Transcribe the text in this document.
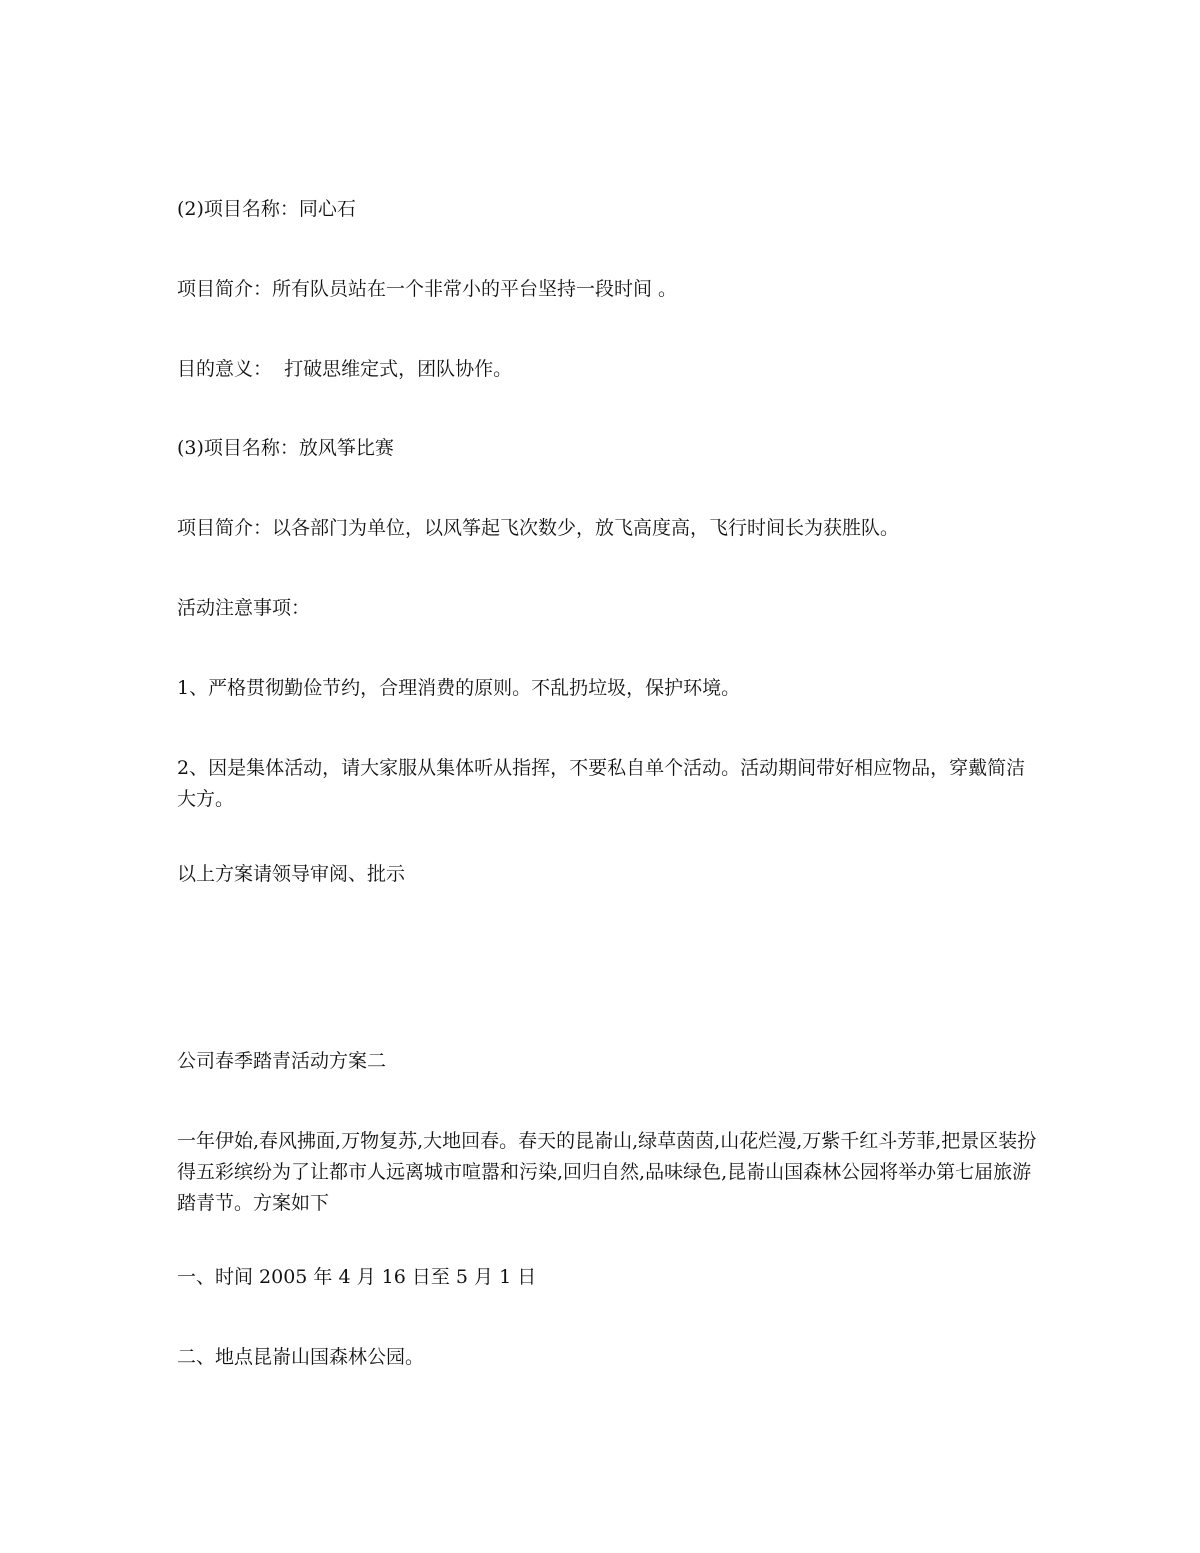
(2)项目名称：同心石

项目简介：所有队员站在一个非常小的平台坚持一段时间 。

目的意义：  打破思维定式，团队协作。

(3)项目名称：放风筝比赛

项目简介：以各部门为单位，以风筝起飞次数少，放飞高度高，飞行时间长为获胜队。

活动注意事项：

1、严格贯彻勤俭节约，合理消费的原则。不乱扔垃圾，保护环境。

2、因是集体活动，请大家服从集体听从指挥，不要私自单个活动。活动期间带好相应物品，穿戴简洁大方。

以上方案请领导审阅、批示

公司春季踏青活动方案二

一年伊始,春风拂面,万物复苏,大地回春。春天的昆嵛山,绿草茵茵,山花烂漫,万紫千红斗芳菲,把景区装扮得五彩缤纷为了让都市人远离城市喧嚣和污染,回归自然,品味绿色,昆嵛山国森林公园将举办第七届旅游踏青节。方案如下

一、时间 2005 年 4 月 16 日至 5 月 1 日

二、地点昆嵛山国森林公园。
